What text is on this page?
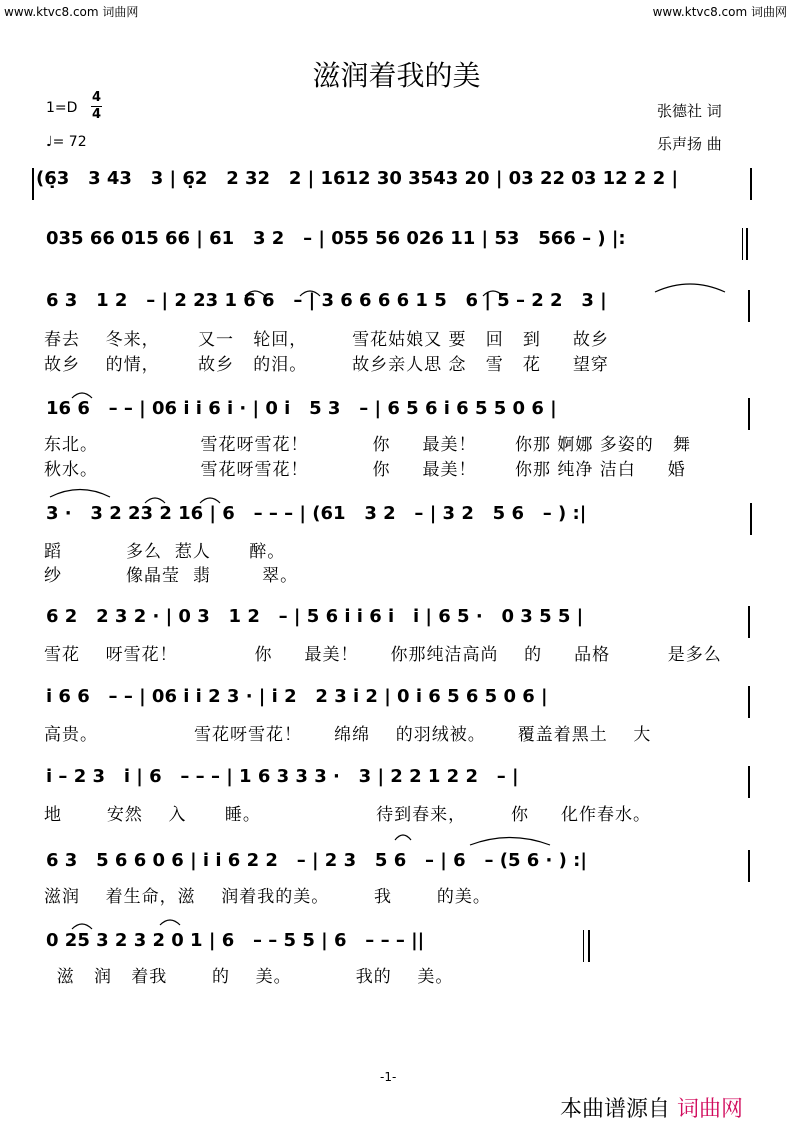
www.ktvc8.com 词曲网	www.ktvc8.com 词曲网
滋润着我的美
1=D
4
4
♩= 72
张德社 词
乐声扬 曲
(6̣3   3 43   3 | 6̣2   2 32   2 | 1612 30 3543 20 | 03 22 03 12 2 2 |
035 66 015 66 | 61   3 2   – | 055 56 026 11 | 53   566 – ) |:
6 3   1 2   – | 2 23 1 6 6   – | 3 6 6 6 6 1 5   6 | 5 – 2 2   3 |
春去    冬来，      又一   轮回，       雪花姑娘又 要   回   到     故乡
故乡    的情，      故乡   的泪。       故乡亲人思 念   雪   花     望穿
16 6   – – | 06 i i 6 i · | 0 i   5 3   – | 6 5 6 i 6 5 5 0 6 |
东北。                雪花呀雪花！          你     最美！      你那 婀娜 多姿的   舞
秋水。                雪花呀雪花！          你     最美！      你那 纯净 洁白     婚
3 ·   3 2 23 2 16 | 6   – – – | (61   3 2   – | 3 2   5 6   – ) :|
蹈          多么  惹人      醉。
纱          像晶莹  翡        翠。
6 2   2 3 2 · | 0 3   1 2   – | 5 6 i i 6 i   i | 6 5 ·   0 3 5 5 |
雪花    呀雪花！            你     最美！     你那纯洁高尚    的     品格         是多么
i 6 6   – – | 06 i i 2 3 · | i 2   2 3 i 2 | 0 i 6 5 6 5 0 6 |
高贵。               雪花呀雪花！     绵绵    的羽绒被。     覆盖着黑土    大
i – 2 3   i | 6   – – – | 1 6 3 3 3 ·   3 | 2 2 1 2 2   – |
地       安然    入      睡。                  待到春来，       你     化作春水。
6 3   5 6 6 0 6 | i i 6 2 2   – | 2 3   5 6   – | 6   – (5 6 · ) :|
滋润    着生命，滋    润着我的美。       我       的美。
0 25 3 2 3 2 0 1 | 6   – – 5 5 | 6   – – – ||
滋   润   着我       的    美。          我的    美。
-1-
本曲谱源自 词曲网
